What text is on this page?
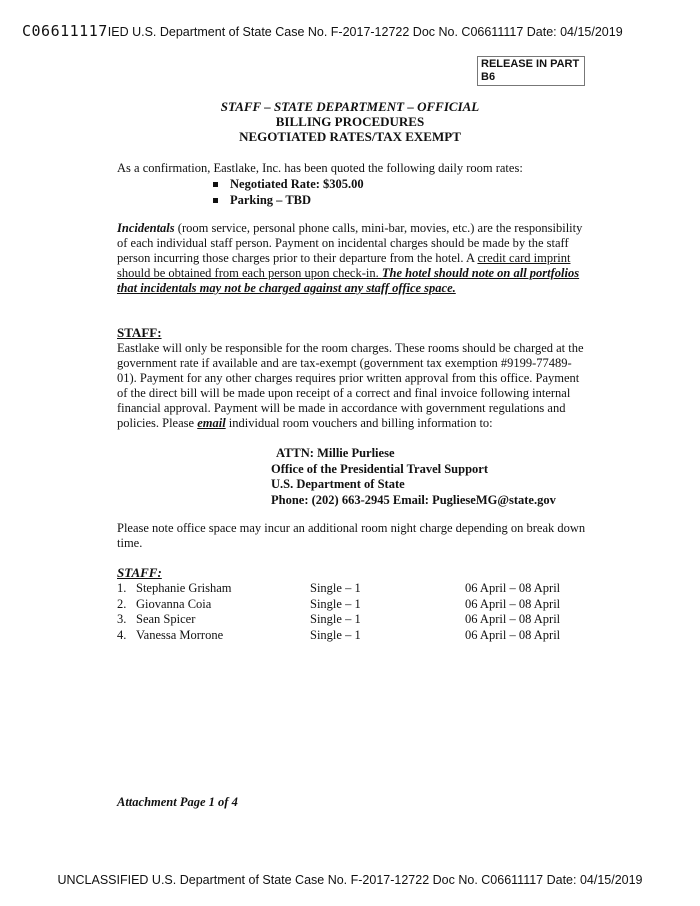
C06611117IED U.S. Department of State Case No. F-2017-12722 Doc No. C06611117 Date: 04/15/2019
RELEASE IN PART
B6
STAFF – STATE DEPARTMENT – OFFICIAL
BILLING PROCEDURES
NEGOTIATED RATES/TAX EXEMPT
As a confirmation, Eastlake, Inc. has been quoted the following daily room rates:
Negotiated Rate: $305.00
Parking – TBD
Incidentals (room service, personal phone calls, mini-bar, movies, etc.) are the responsibility of each individual staff person. Payment on incidental charges should be made by the staff person incurring those charges prior to their departure from the hotel. A credit card imprint should be obtained from each person upon check-in. The hotel should note on all portfolios that incidentals may not be charged against any staff office space.
STAFF:
Eastlake will only be responsible for the room charges. These rooms should be charged at the government rate if available and are tax-exempt (government tax exemption #9199-77489-01). Payment for any other charges requires prior written approval from this office. Payment of the direct bill will be made upon receipt of a correct and final invoice following internal financial approval. Payment will be made in accordance with government regulations and policies. Please email individual room vouchers and billing information to:
ATTN: Millie Purliese
Office of the Presidential Travel Support
U.S. Department of State
Phone: (202) 663-2945 Email: PugliesеMG@state.gov
Please note office space may incur an additional room night charge depending on break down time.
STAFF:
1. Stephanie Grisham	Single – 1	06 April – 08 April
2. Giovanna Coia	Single – 1	06 April – 08 April
3. Sean Spicer	Single – 1	06 April – 08 April
4. Vanessa Morrone	Single – 1	06 April – 08 April
Attachment Page 1 of 4
UNCLASSIFIED U.S. Department of State Case No. F-2017-12722 Doc No. C06611117 Date: 04/15/2019
